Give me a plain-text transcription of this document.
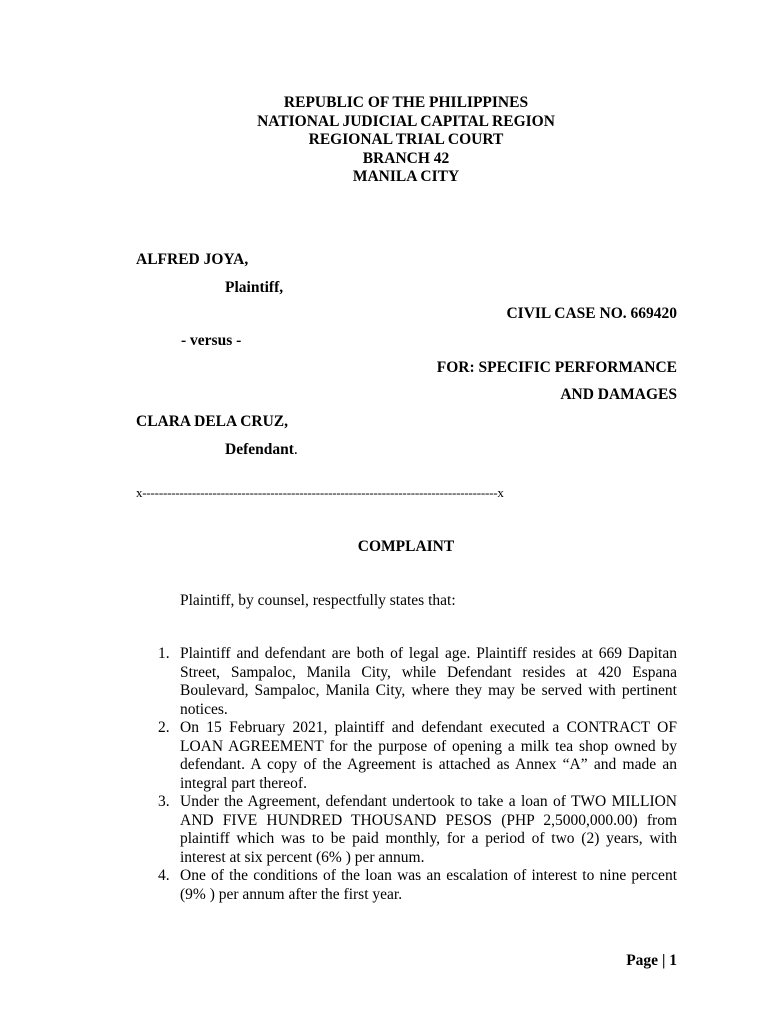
REPUBLIC OF THE PHILIPPINES
NATIONAL JUDICIAL CAPITAL REGION
REGIONAL TRIAL COURT
BRANCH 42
MANILA CITY
ALFRED JOYA,
Plaintiff,
CIVIL CASE NO. 669420
- versus -
FOR: SPECIFIC PERFORMANCE
AND DAMAGES
CLARA DELA CRUZ,
Defendant.
x--------------------------------------------------------------------------------------x
COMPLAINT
Plaintiff, by counsel, respectfully states that:
1. Plaintiff and defendant are both of legal age. Plaintiff resides at 669 Dapitan Street, Sampaloc, Manila City, while Defendant resides at 420 Espana Boulevard, Sampaloc, Manila City, where they may be served with pertinent notices.
2. On 15 February 2021, plaintiff and defendant executed a CONTRACT OF LOAN AGREEMENT for the purpose of opening a milk tea shop owned by defendant. A copy of the Agreement is attached as Annex “A” and made an integral part thereof.
3. Under the Agreement, defendant undertook to take a loan of TWO MILLION AND FIVE HUNDRED THOUSAND PESOS (PHP 2,5000,000.00) from plaintiff which was to be paid monthly, for a period of two (2) years, with interest at six percent (6% ) per annum.
4. One of the conditions of the loan was an escalation of interest to nine percent (9% ) per annum after the first year.
Page | 1
